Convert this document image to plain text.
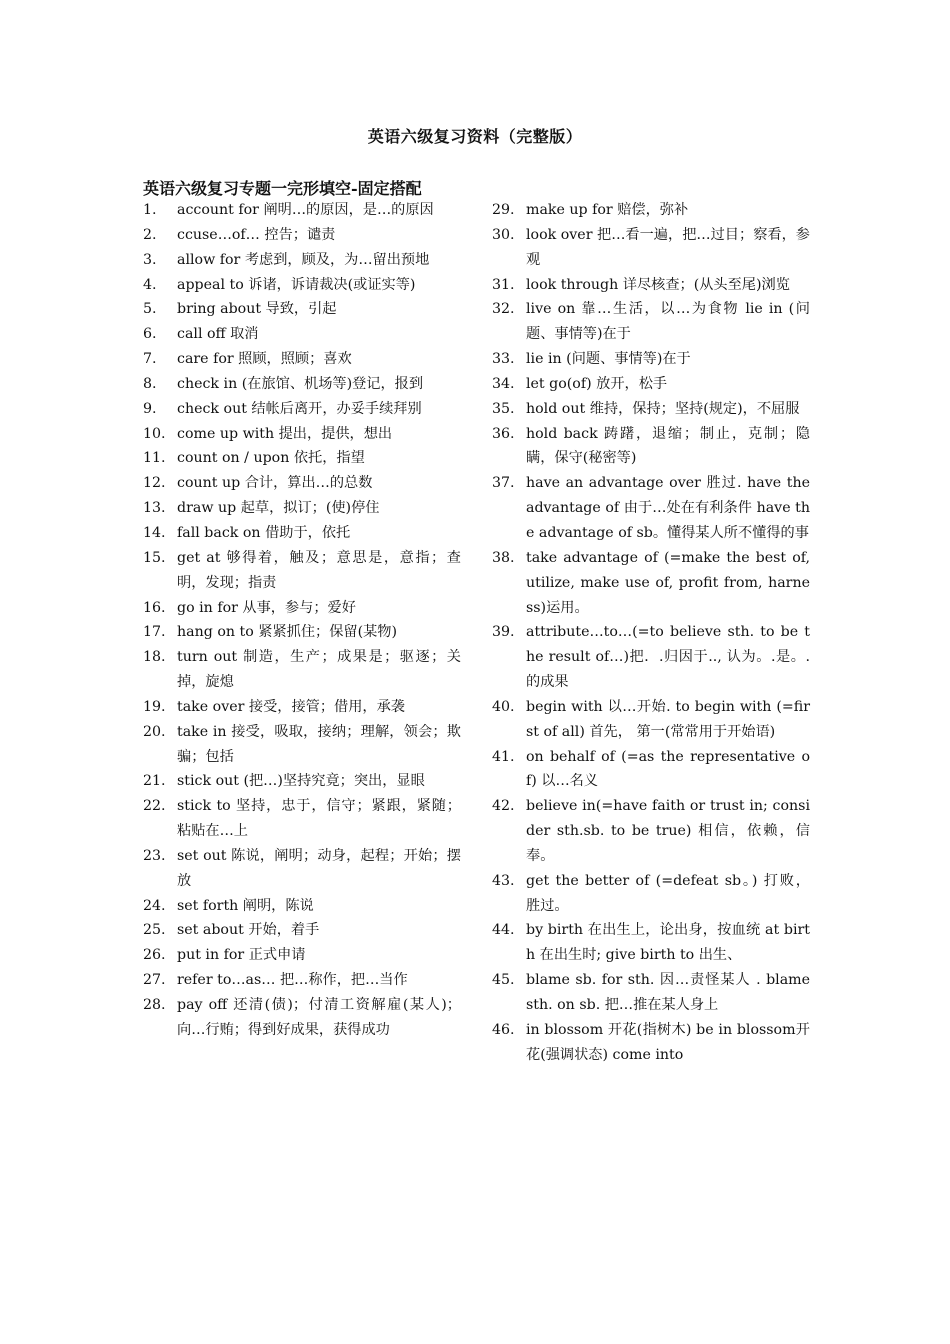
英语六级复习资料（完整版）
英语六级复习专题一完形填空-固定搭配
1.	account for 阐明…的原因，是…的原因
2.	ccuse…of… 控告；谴责
3.	allow for 考虑到，顾及，为…留出预地
4.	appeal to 诉诸，诉请裁决(或证实等)
5.	bring about 导致，引起
6.	call off 取消
7.	care for 照顾，照顾；喜欢
8.	check in (在旅馆、机场等)登记，报到
9.	check out 结帐后离开，办妥手续拜别
10. come up with 提出，提供，想出
11. count on / upon 依托，指望
12. count up 合计，算出…的总数
13. draw up 起草，拟订；(使)停住
14. fall back on 借助于，依托
15. get at 够得着，触及；意思是，意指；查明，发现；指责
16. go in for 从事，参与；爱好
17. hang on to 紧紧抓住；保留(某物)
18. turn out 制造，生产；成果是；驱逐；关掉，旋熄
19. take over 接受，接管；借用，承袭
20. take in 接受，吸取，接纳；理解，领会；欺骗；包括
21. stick out (把…)坚持究竟；突出，显眼
22. stick to 坚持，忠于，信守；紧跟，紧随；粘贴在…上
23. set out 陈说，阐明；动身，起程；开始；摆放
24. set forth 阐明，陈说
25. set about 开始，着手
26. put in for 正式申请
27. refer to…as… 把…称作，把…当作
28. pay off 还清(债)；付清工资解雇(某人)；向…行贿；得到好成果，获得成功
29. make up for 赔偿，弥补
30. look over 把…看一遍，把…过目；察看，参观
31. look through 详尽核查；(从头至尾)浏览
32. live on 靠…生活，以…为食物 lie in (问题、事情等)在于
33. lie in (问题、事情等)在于
34. let go(of) 放开，松手
35. hold out 维持，保持；坚持(规定)，不屈服
36. hold back 踌躇，退缩；制止，克制；隐瞒，保守(秘密等)
37. have an advantage over 胜过. have the advantage of 由于…处在有利条件 have the advantage of sb。懂得某人所不懂得的事
38. take advantage of (=make the best of, utilize, make use of, profit from, harness)运用。
39. attribute…to…(=to believe sth. to be the result of…)把．.归因于.., 认为。.是。.的成果
40. begin with 以…开始. to begin with (=first of all) 首先， 第一(常常用于开始语)
41. on behalf of (=as the representative of) 以…名义
42. believe in(=have faith or trust in; consider sth.sb. to be true) 相信，依赖，信奉。
43. get the better of (=defeat sb。) 打败， 胜过。
44. by birth 在出生上，论出身，按血统 at birth 在出生时; give birth to 出生、
45. blame sb. for sth. 因…责怪某人 . blame sth. on sb. 把…推在某人身上
46. in blossom 开花(指树木) be in blossom开花(强调状态) come into
